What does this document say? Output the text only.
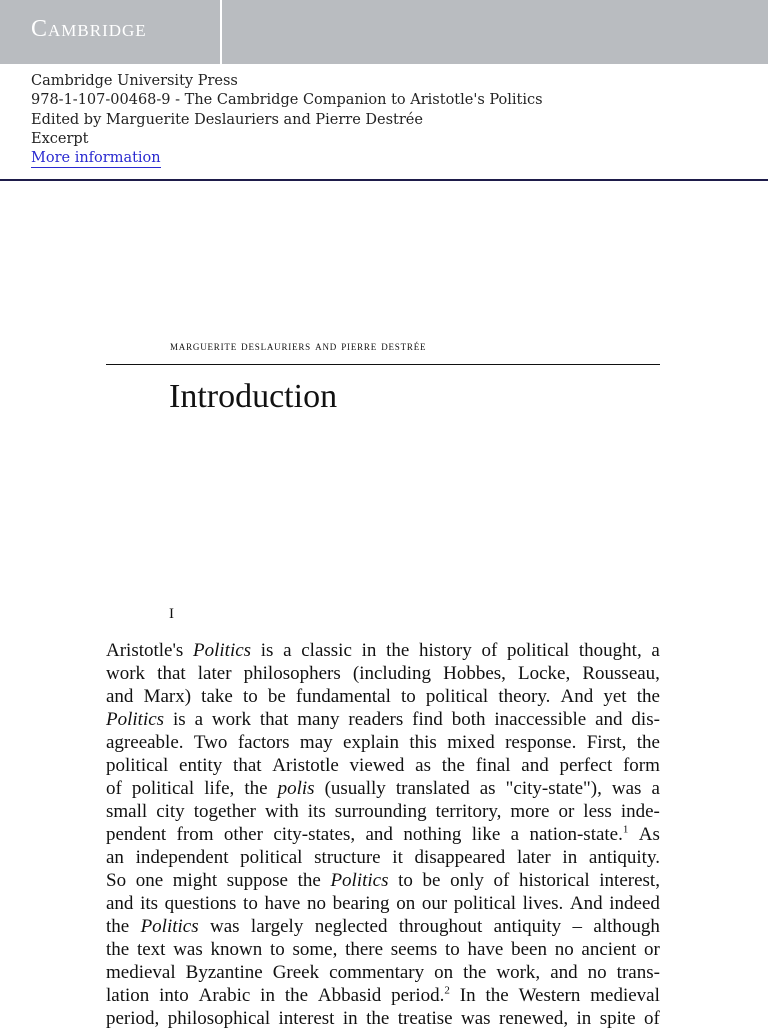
Cambridge
Cambridge University Press
978-1-107-00468-9 - The Cambridge Companion to Aristotle's Politics
Edited by Marguerite Deslauriers and Pierre Destrée
Excerpt
More information
marguerite deslauriers and pierre destrée
Introduction
I
Aristotle's Politics is a classic in the history of political thought, a
work that later philosophers (including Hobbes, Locke, Rousseau,
and Marx) take to be fundamental to political theory. And yet the
Politics is a work that many readers find both inaccessible and dis-
agreeable. Two factors may explain this mixed response. First, the
political entity that Aristotle viewed as the final and perfect form
of political life, the polis (usually translated as "city-state"), was a
small city together with its surrounding territory, more or less inde-
pendent from other city-states, and nothing like a nation-state.$^1$ As
an independent political structure it disappeared later in antiquity.
So one might suppose the Politics to be only of historical interest,
and its questions to have no bearing on our political lives. And indeed
the Politics was largely neglected throughout antiquity – although
the text was known to some, there seems to have been no ancient or
medieval Byzantine Greek commentary on the work, and no trans-
lation into Arabic in the Abbasid period.$^2$ In the Western medieval
period, philosophical interest in the treatise was renewed, in spite of
